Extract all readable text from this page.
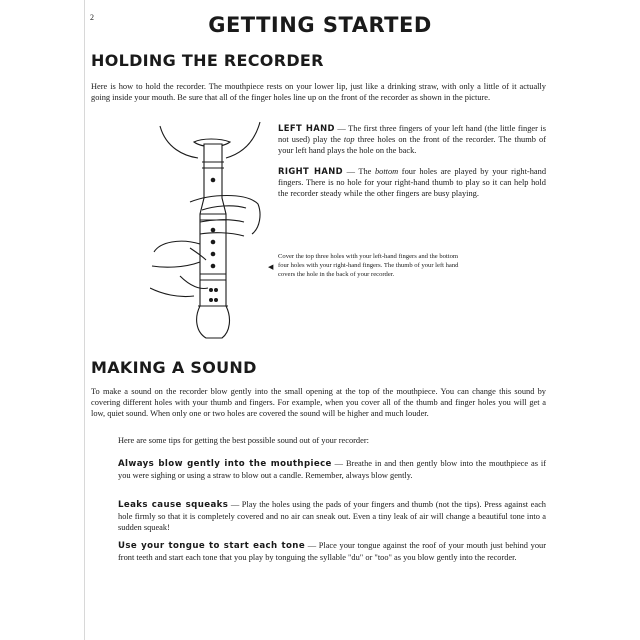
2	GETTING STARTED
HOLDING THE RECORDER

Here is how to hold the recorder. The mouthpiece rests on your lower lip, just like a drinking straw, with only a little of it actually going inside your mouth. Be sure that all of the finger holes line up on the front of the recorder as shown in the picture.

LEFT HAND — The first three fingers of your left hand (the little finger is not used) play the top three holes on the front of the recorder. The thumb of your left hand plays the hole on the back.

RIGHT HAND — The bottom four holes are played by your right-hand fingers. There is no hole for your right-hand thumb to play so it can help hold the recorder steady while the other fingers are busy playing.

◀

Cover the top three holes with your left-hand fingers and the bottom four holes with your right-hand fingers. The thumb of your left hand covers the hole in the back of your recorder.

MAKING A SOUND

To make a sound on the recorder blow gently into the small opening at the top of the mouthpiece. You can change this sound by covering different holes with your thumb and fingers. For example, when you cover all of the thumb and finger holes you will get a low, quiet sound. When only one or two holes are covered the sound will be higher and much louder.

Here are some tips for getting the best possible sound out of your recorder:

Always blow gently into the mouthpiece — Breathe in and then gently blow into the mouthpiece as if you were sighing or using a straw to blow out a candle. Remember, always blow gently.

Leaks cause squeaks — Play the holes using the pads of your fingers and thumb (not the tips). Press against each hole firmly so that it is completely covered and no air can sneak out. Even a tiny leak of air will change a beautiful tone into a sudden squeak!

Use your tongue to start each tone — Place your tongue against the roof of your mouth just behind your front teeth and start each tone that you play by tonguing the syllable "du" or "too" as you blow gently into the recorder.
